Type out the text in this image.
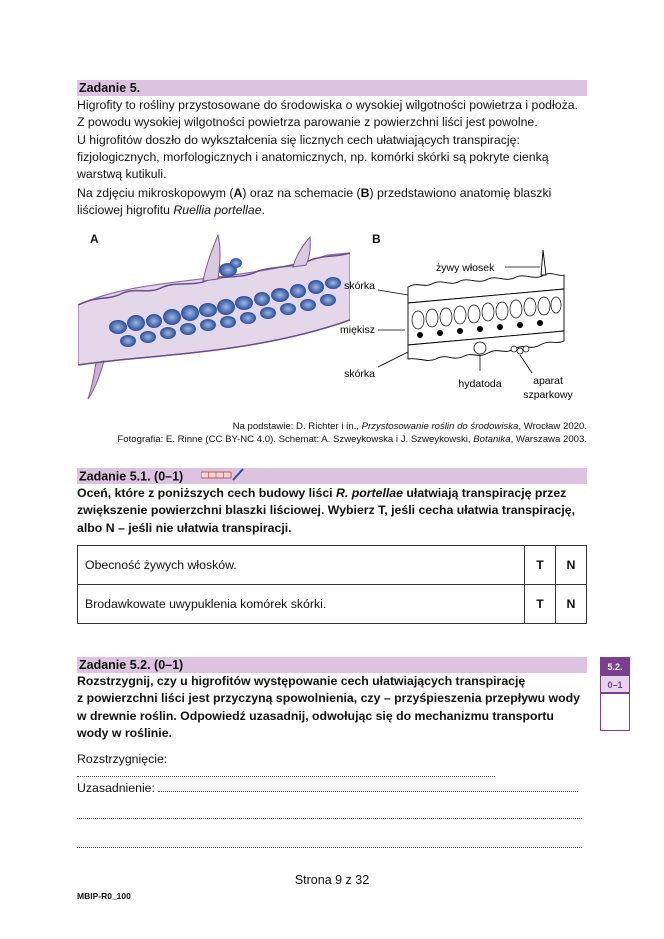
Zadanie 5.
Higrofity to rośliny przystosowane do środowiska o wysokiej wilgotności powietrza i podłoża.
Z powodu wysokiej wilgotności powietrza parowanie z powierzchni liści jest powolne.
U higrofitów doszło do wykształcenia się licznych cech ułatwiających transpirację:
fizjologicznych, morfologicznych i anatomicznych, np. komórki skórki są pokryte cienką
warstwą kutikuli.
Na zdjęciu mikroskopowym (A) oraz na schemacie (B) przedstawiono anatomię blaszki
liściowej higrofitu Ruellia portellae.
A	B
skórka
miękisz
skórka
żywy włosek
hydatoda	aparat
szparkowy
Na podstawie: D. Richter i in., Przystosowanie roślin do środowiska, Wrocław 2020.
Fotografia: E. Rinne (CC BY-NC 4.0). Schemat: A. Szweykowska i J. Szweykowski, Botanika, Warszawa 2003.
Zadanie 5.1. (0–1)
Oceń, które z poniższych cech budowy liści R. portellae ułatwiają transpirację przez
zwiększenie powierzchni blaszki liściowej. Wybierz T, jeśli cecha ułatwia transpirację,
albo N – jeśli nie ułatwia transpiracji.
Obecność żywych włosków.	T	N
Brodawkowate uwypuklenia komórek skórki.	T	N
Zadanie 5.2. (0–1)
Rozstrzygnij, czy u higrofitów występowanie cech ułatwiających transpirację
z powierzchni liści jest przyczyną spowolnienia, czy – przyśpieszenia przepływu wody
w drewnie roślin. Odpowiedź uzasadnij, odwołując się do mechanizmu transportu
wody w roślinie.
Rozstrzygnięcie:
Uzasadnienie:
5.2.
0–1
Strona 9 z 32
MBIP-R0_100
